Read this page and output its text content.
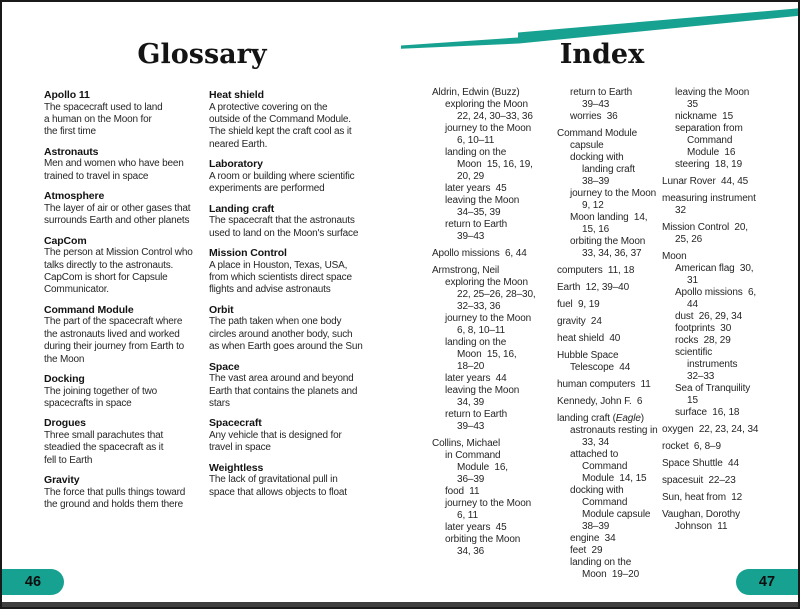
Glossary
Apollo 11
The spacecraft used to land
a human on the Moon for
the first time
Astronauts
Men and women who have been
trained to travel in space
Atmosphere
The layer of air or other gases that
surrounds Earth and other planets
CapCom
The person at Mission Control who
talks directly to the astronauts.
CapCom is short for Capsule
Communicator.
Command Module
The part of the spacecraft where
the astronauts lived and worked
during their journey from Earth to
the Moon
Docking
The joining together of two
spacecrafts in space
Drogues
Three small parachutes that
steadied the spacecraft as it
fell to Earth
Gravity
The force that pulls things toward
the ground and holds them there
Heat shield
A protective covering on the
outside of the Command Module.
The shield kept the craft cool as it
neared Earth.
Laboratory
A room or building where scientific
experiments are performed
Landing craft
The spacecraft that the astronauts
used to land on the Moon's surface
Mission Control
A place in Houston, Texas, USA,
from which scientists direct space
flights and advise astronauts
Orbit
The path taken when one body
circles around another body, such
as when Earth goes around the Sun
Space
The vast area around and beyond
Earth that contains the planets and
stars
Spacecraft
Any vehicle that is designed for
travel in space
Weightless
The lack of gravitational pull in
space that allows objects to float
Index
Aldrin, Edwin (Buzz)
exploring the Moon
22, 24, 30–33, 36
journey to the Moon
6, 10–11
landing on the
Moon  15, 16, 19,
20, 29
later years  45
leaving the Moon
34–35, 39
return to Earth
39–43
Apollo missions  6, 44
Armstrong, Neil
exploring the Moon
22, 25–26, 28–30,
32–33, 36
journey to the Moon
6, 8, 10–11
landing on the
Moon  15, 16,
18–20
later years  44
leaving the Moon
34, 39
return to Earth
39–43
Collins, Michael
in Command
Module  16,
36–39
food  11
journey to the Moon
6, 11
later years  45
orbiting the Moon
34, 36
return to Earth
39–43
worries  36
Command Module
capsule
docking with
landing craft
38–39
journey to the Moon
9, 12
Moon landing  14,
15, 16
orbiting the Moon
33, 34, 36, 37
computers  11, 18
Earth  12, 39–40
fuel  9, 19
gravity  24
heat shield  40
Hubble Space
Telescope  44
human computers  11
Kennedy, John F.  6
landing craft (Eagle)
astronauts resting in
33, 34
attached to
Command
Module  14, 15
docking with
Command
Module capsule
38–39
engine  34
feet  29
landing on the
Moon  19–20
leaving the Moon
35
nickname  15
separation from
Command
Module  16
steering  18, 19
Lunar Rover  44, 45
measuring instrument
32
Mission Control  20,
25, 26
Moon
American flag  30,
31
Apollo missions  6,
44
dust  26, 29, 34
footprints  30
rocks  28, 29
scientific
instruments
32–33
Sea of Tranquility
15
surface  16, 18
oxygen  22, 23, 24, 34
rocket  6, 8–9
Space Shuttle  44
spacesuit  22–23
Sun, heat from  12
Vaughan, Dorothy
Johnson  11
46	47
